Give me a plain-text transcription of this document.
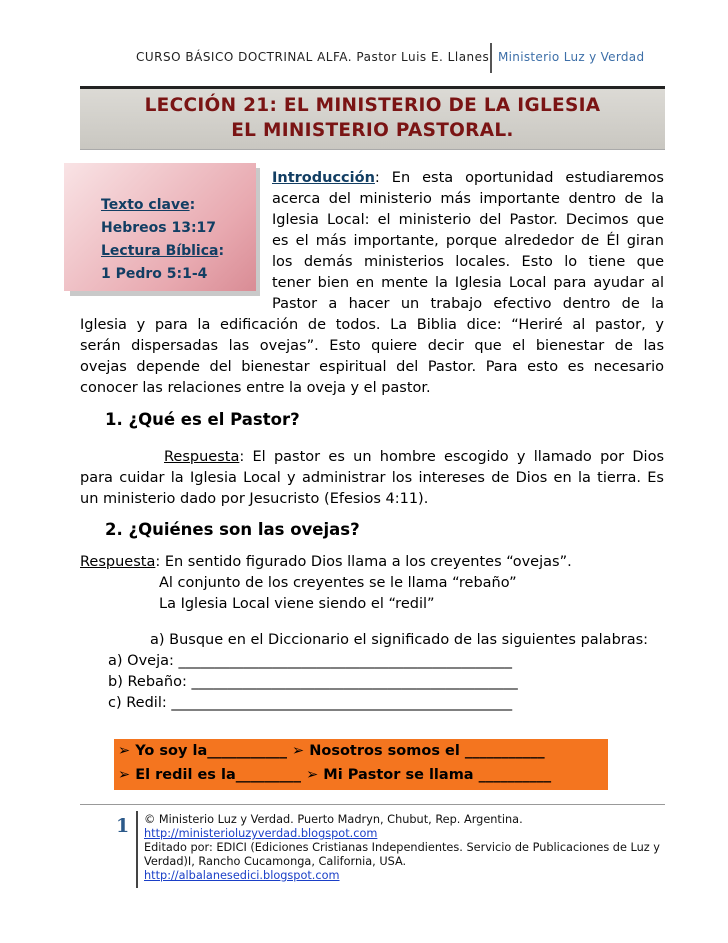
CURSO BÁSICO DOCTRINAL ALFA. Pastor Luis E. Llanes Ministerio Luz y Verdad
LECCIÓN 21: EL MINISTERIO DE LA IGLESIA
EL MINISTERIO PASTORAL.
Texto clave:
Hebreos 13:17
Lectura Bíblica:
1 Pedro 5:1-4
Introducción: En esta oportunidad estudiaremos
acerca del ministerio más importante dentro de la
Iglesia Local: el ministerio del Pastor. Decimos que
es el más importante, porque alrededor de Él giran
los demás ministerios locales. Esto lo tiene que
tener bien en mente la Iglesia Local para ayudar al
Pastor a hacer un trabajo efectivo dentro de la
Iglesia y para la edificación de todos. La Biblia dice: “Heriré al pastor, y
serán dispersadas las ovejas”. Esto quiere decir que el bienestar de las
ovejas depende del bienestar espiritual del Pastor. Para esto es necesario
conocer las relaciones entre la oveja y el pastor.
1. ¿Qué es el Pastor?
Respuesta: El pastor es un hombre escogido y llamado por Dios
para cuidar la Iglesia Local y administrar los intereses de Dios en la tierra. Es
un ministerio dado por Jesucristo (Efesios 4:11).
2. ¿Quiénes son las ovejas?
Respuesta: En sentido figurado Dios llama a los creyentes “ovejas”.
Al conjunto de los creyentes se le llama “rebaño”
La Iglesia Local viene siendo el “redil”
a) Busque en el Diccionario el significado de las siguientes palabras:
a) Oveja: ______________________________________________
b) Rebaño: _____________________________________________
c) Redil: _______________________________________________
➢ Yo soy la___________ ➢ Nosotros somos el ___________
➢ El redil es la_________ ➢ Mi Pastor se llama __________
1 © Ministerio Luz y Verdad. Puerto Madryn, Chubut, Rep. Argentina.
http://ministerioluzyverdad.blogspot.com
Editado por: EDICI (Ediciones Cristianas Independientes. Servicio de Publicaciones de Luz y
Verdad)I, Rancho Cucamonga, California, USA.
http://albalanesedici.blogspot.com
